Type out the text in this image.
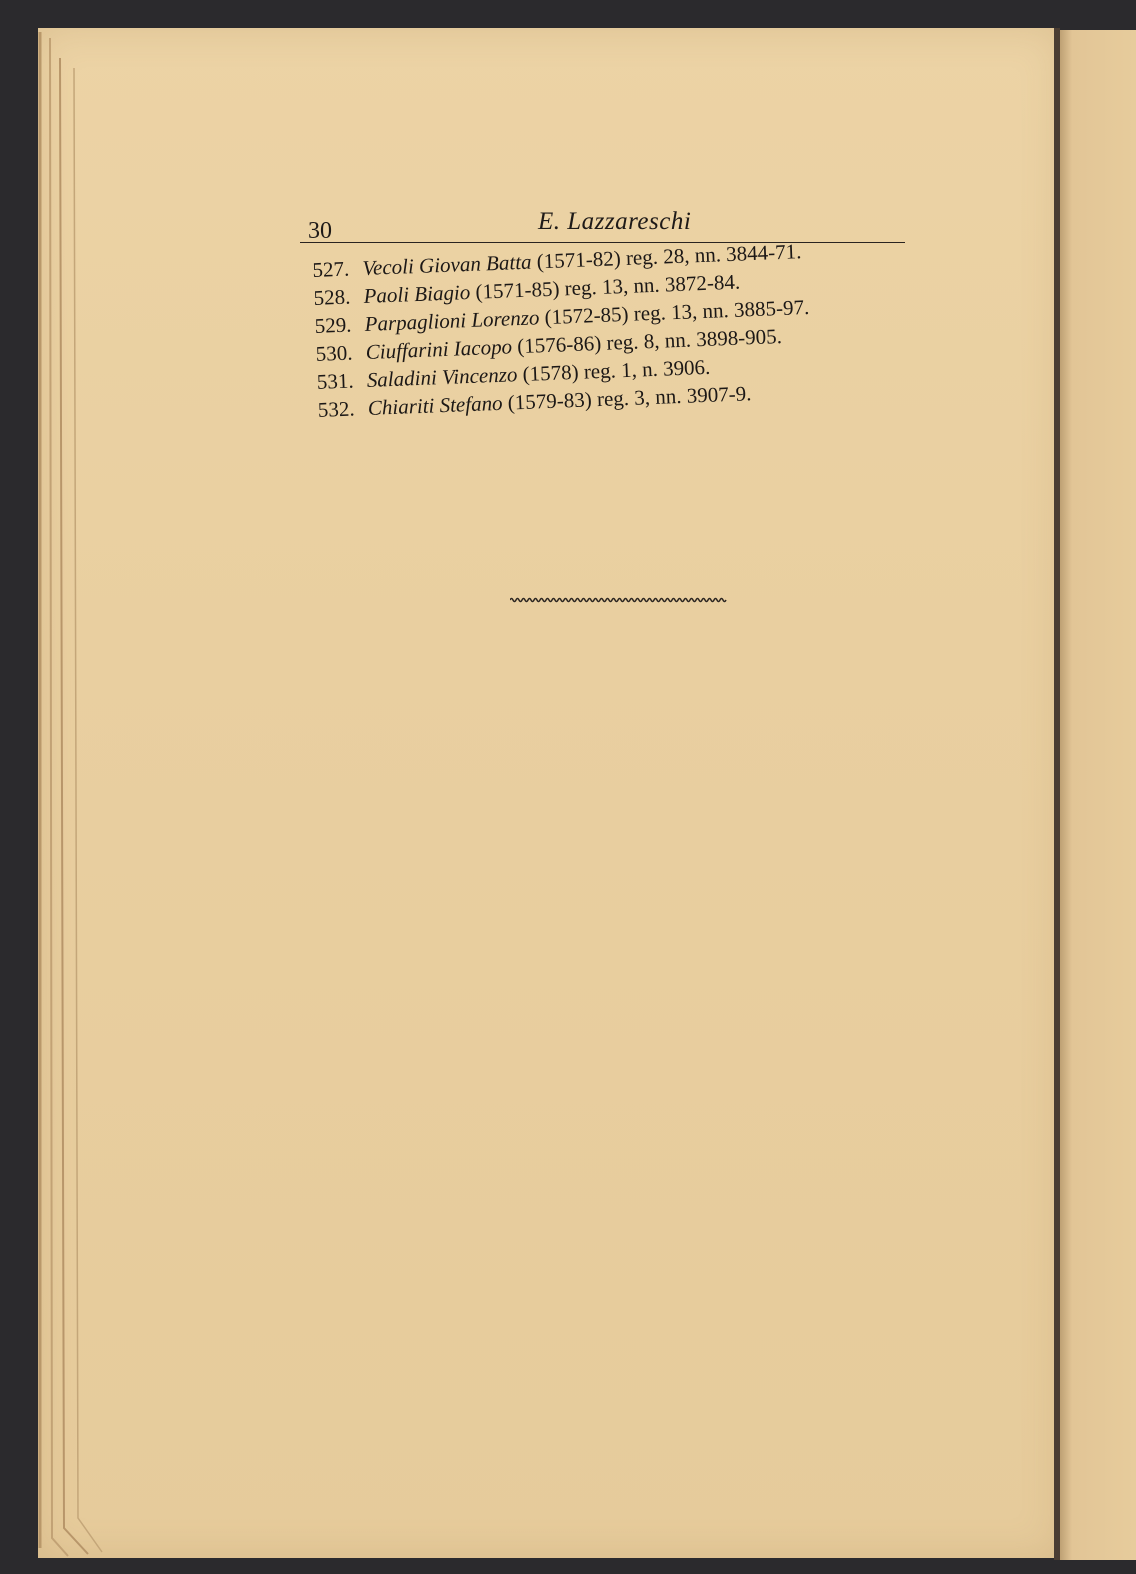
30	E. Lazzareschi
527. Vecoli Giovan Batta (1571-82) reg. 28, nn. 3844-71.
528. Paoli Biagio (1571-85) reg. 13, nn. 3872-84.
529. Parpaglioni Lorenzo (1572-85) reg. 13, nn. 3885-97.
530. Ciuffarini Iacopo (1576-86) reg. 8, nn. 3898-905.
531. Saladini Vincenzo (1578) reg. 1, n. 3906.
532. Chiariti Stefano (1579-83) reg. 3, nn. 3907-9.
